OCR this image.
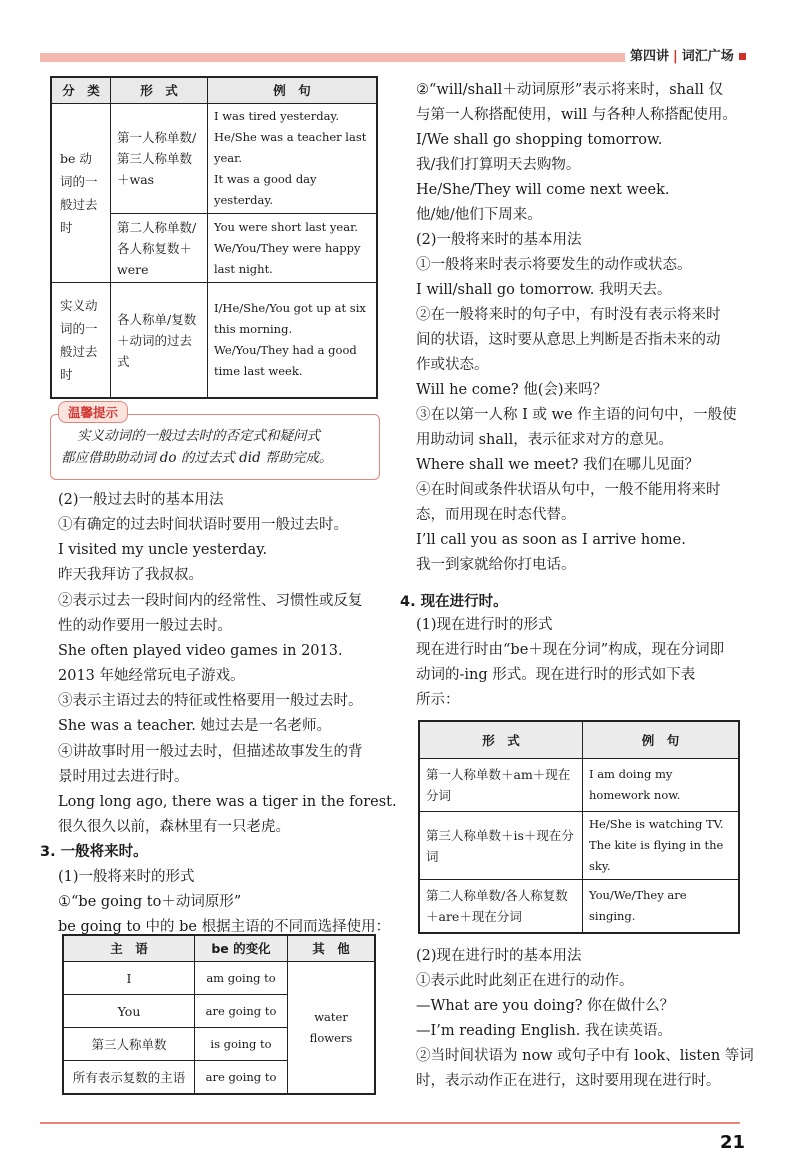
第四讲 | 词汇广场
分　类	形　式	例　句
be 动词的一般过去时	第一人称单数/第三人称单数＋was	I was tired yesterday.
He/She was a teacher last year.
It was a good day yesterday.

	第二人称单数/各人称复数＋were	You were short last year.
We/You/They were happy last night.

实义动词的一般过去时	各人称单/复数＋动词的过去式	I/He/She/You got up at six this morning.
We/You/They had a good time last week.
实义动词的一般过去时的否定式和疑问式
都应借助助动词 do 的过去式 did 帮助完成。
温馨提示
(2)一般过去时的基本用法
①有确定的过去时间状语时要用一般过去时。
I visited my uncle yesterday.
昨天我拜访了我叔叔。
②表示过去一段时间内的经常性、习惯性或反复
性的动作要用一般过去时。
She often played video games in 2013.
2013 年她经常玩电子游戏。
③表示主语过去的特征或性格要用一般过去时。
She was a teacher. 她过去是一名老师。
④讲故事时用一般过去时，但描述故事发生的背
景时用过去进行时。
Long long ago, there was a tiger in the forest.
很久很久以前，森林里有一只老虎。
3. 一般将来时。
(1)一般将来时的形式
①“be going to＋动词原形”
be going to 中的 be 根据主语的不同而选择使用：
主　语	be 的变化	其　他
I	am going to	water flowers
You	are going to	
第三人称单数	is going to	
所有表示复数的主语	are going to	
②“will/shall＋动词原形”表示将来时，shall 仅
与第一人称搭配使用，will 与各种人称搭配使用。
I/We shall go shopping tomorrow.
我/我们打算明天去购物。
He/She/They will come next week.
他/她/他们下周来。
(2)一般将来时的基本用法
①一般将来时表示将要发生的动作或状态。
I will/shall go tomorrow. 我明天去。
②在一般将来时的句子中，有时没有表示将来时
间的状语，这时要从意思上判断是否指未来的动
作或状态。
Will he come? 他(会)来吗？
③在以第一人称 I 或 we 作主语的问句中，一般使
用助动词 shall，表示征求对方的意见。
Where shall we meet? 我们在哪儿见面？
④在时间或条件状语从句中，一般不能用将来时
态，而用现在时态代替。
I’ll call you as soon as I arrive home.
我一到家就给你打电话。
4. 现在进行时。
(1)现在进行时的形式
现在进行时由“be＋现在分词”构成，现在分词即
动词的-ing 形式。现在进行时的形式如下表
所示：
形　式	例　句
第一人称单数＋am＋现在分词	I am doing my homework now.

第三人称单数＋is＋现在分词	He/She is watching TV.
The kite is flying in the sky.

第二人称单数/各人称复数＋are＋现在分词	You/We/They are singing.
(2)现在进行时的基本用法
①表示此时此刻正在进行的动作。
—What are you doing? 你在做什么？
—I’m reading English. 我在读英语。
②当时间状语为 now 或句子中有 look、listen 等词
时，表示动作正在进行，这时要用现在进行时。
21
